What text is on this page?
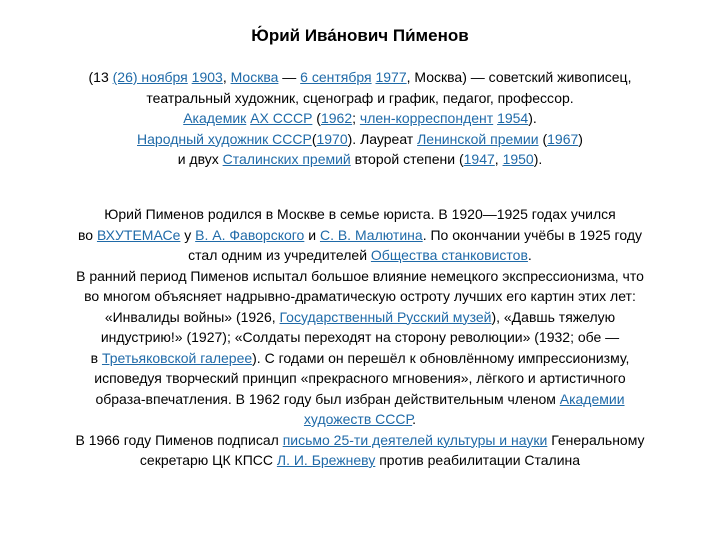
Ю́рий Ива́нович Пи́менов
(13 (26) ноября 1903, Москва — 6 сентября 1977, Москва) — советский живописец,
театральный художник, сценограф и график, педагог, профессор.
Академик АХ СССР (1962; член-корреспондент 1954).
Народный художник СССР(1970). Лауреат Ленинской премии (1967)
и двух Сталинских премий второй степени (1947, 1950).
Юрий Пименов родился в Москве в семье юриста. В 1920—1925 годах учился
во ВХУТЕМАСе у В. А. Фаворского и С. В. Малютина. По окончании учёбы в 1925 году
стал одним из учредителей Общества станковистов.
В ранний период Пименов испытал большое влияние немецкого экспрессионизма, что
во многом объясняет надрывно-драматическую остроту лучших его картин этих лет:
«Инвалиды войны» (1926, Государственный Русский музей), «Давшь тяжелую
индустрию!» (1927); «Солдаты переходят на сторону революции» (1932; обе —
в Третьяковской галерее). С годами он перешёл к обновлённому импрессионизму,
исповедуя творческий принцип «прекрасного мгновения», лёгкого и артистичного
образа-впечатления. В 1962 году был избран действительным членом Академии
художеств СССР.
В 1966 году Пименов подписал письмо 25-ти деятелей культуры и науки Генеральному
секретарю ЦК КПСС Л. И. Брежневу против реабилитации Сталина
